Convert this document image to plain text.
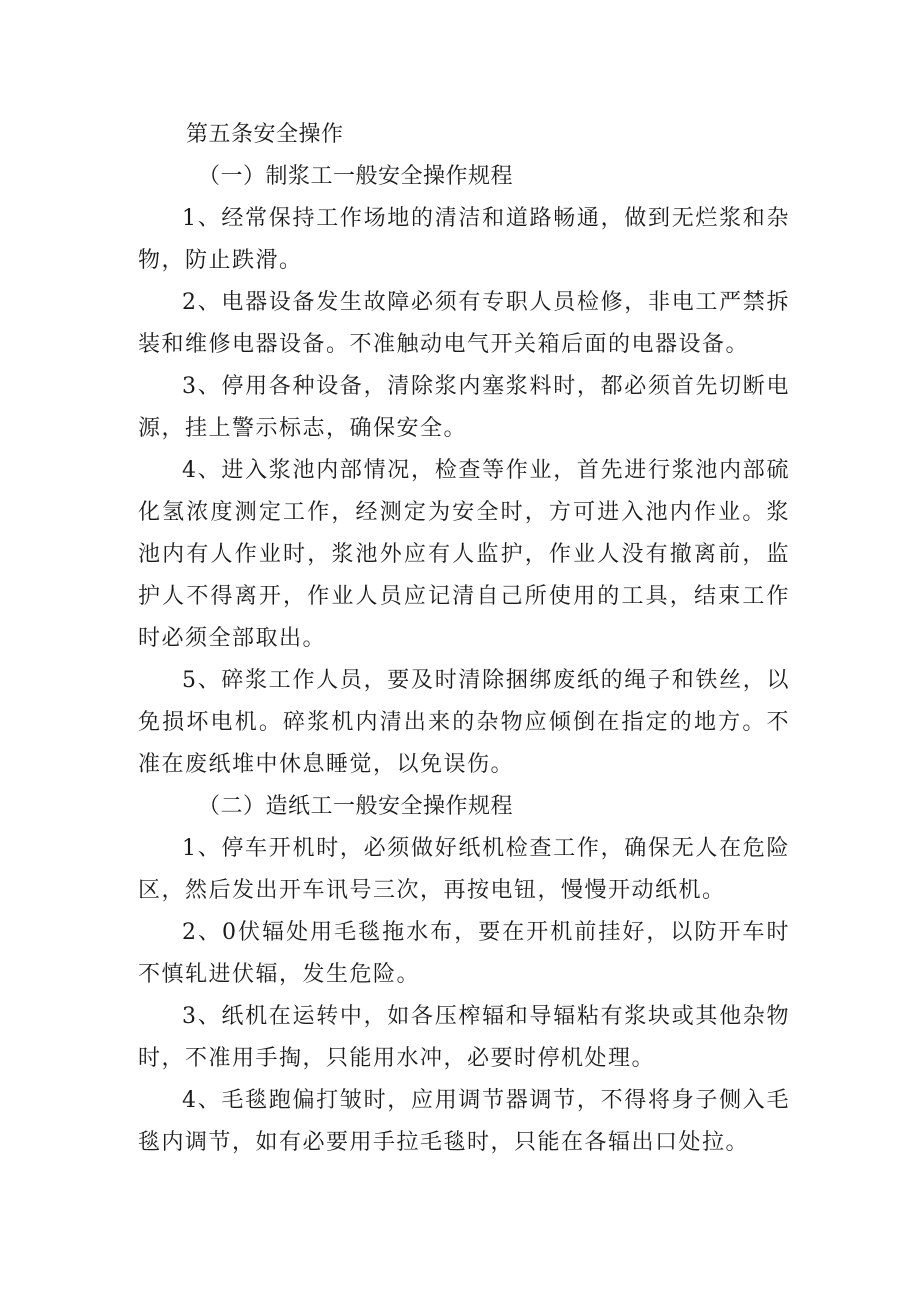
第五条安全操作
（一）制浆工一般安全操作规程

1、经常保持工作场地的清洁和道路畅通，做到无烂浆和杂物，防止跌滑。

2、电器设备发生故障必须有专职人员检修，非电工严禁拆装和维修电器设备。不准触动电气开关箱后面的电器设备。

3、停用各种设备，清除浆内塞浆料时，都必须首先切断电源，挂上警示标志，确保安全。

4、进入浆池内部情况，检查等作业，首先进行浆池内部硫化氢浓度测定工作，经测定为安全时，方可进入池内作业。浆池内有人作业时，浆池外应有人监护，作业人没有撤离前，监护人不得离开，作业人员应记清自己所使用的工具，结束工作时必须全部取出。

5、碎浆工作人员，要及时清除捆绑废纸的绳子和铁丝，以免损坏电机。碎浆机内清出来的杂物应倾倒在指定的地方。不准在废纸堆中休息睡觉，以免误伤。

（二）造纸工一般安全操作规程

1、停车开机时，必须做好纸机检查工作，确保无人在危险区，然后发出开车讯号三次，再按电钮，慢慢开动纸机。

2、0伏辐处用毛毯拖水布，要在开机前挂好，以防开车时不慎轧进伏辐，发生危险。

3、纸机在运转中，如各压榨辐和导辐粘有浆块或其他杂物时，不准用手掏，只能用水冲，必要时停机处理。

4、毛毯跑偏打皱时，应用调节器调节，不得将身子侧入毛毯内调节，如有必要用手拉毛毯时，只能在各辐出口处拉。
